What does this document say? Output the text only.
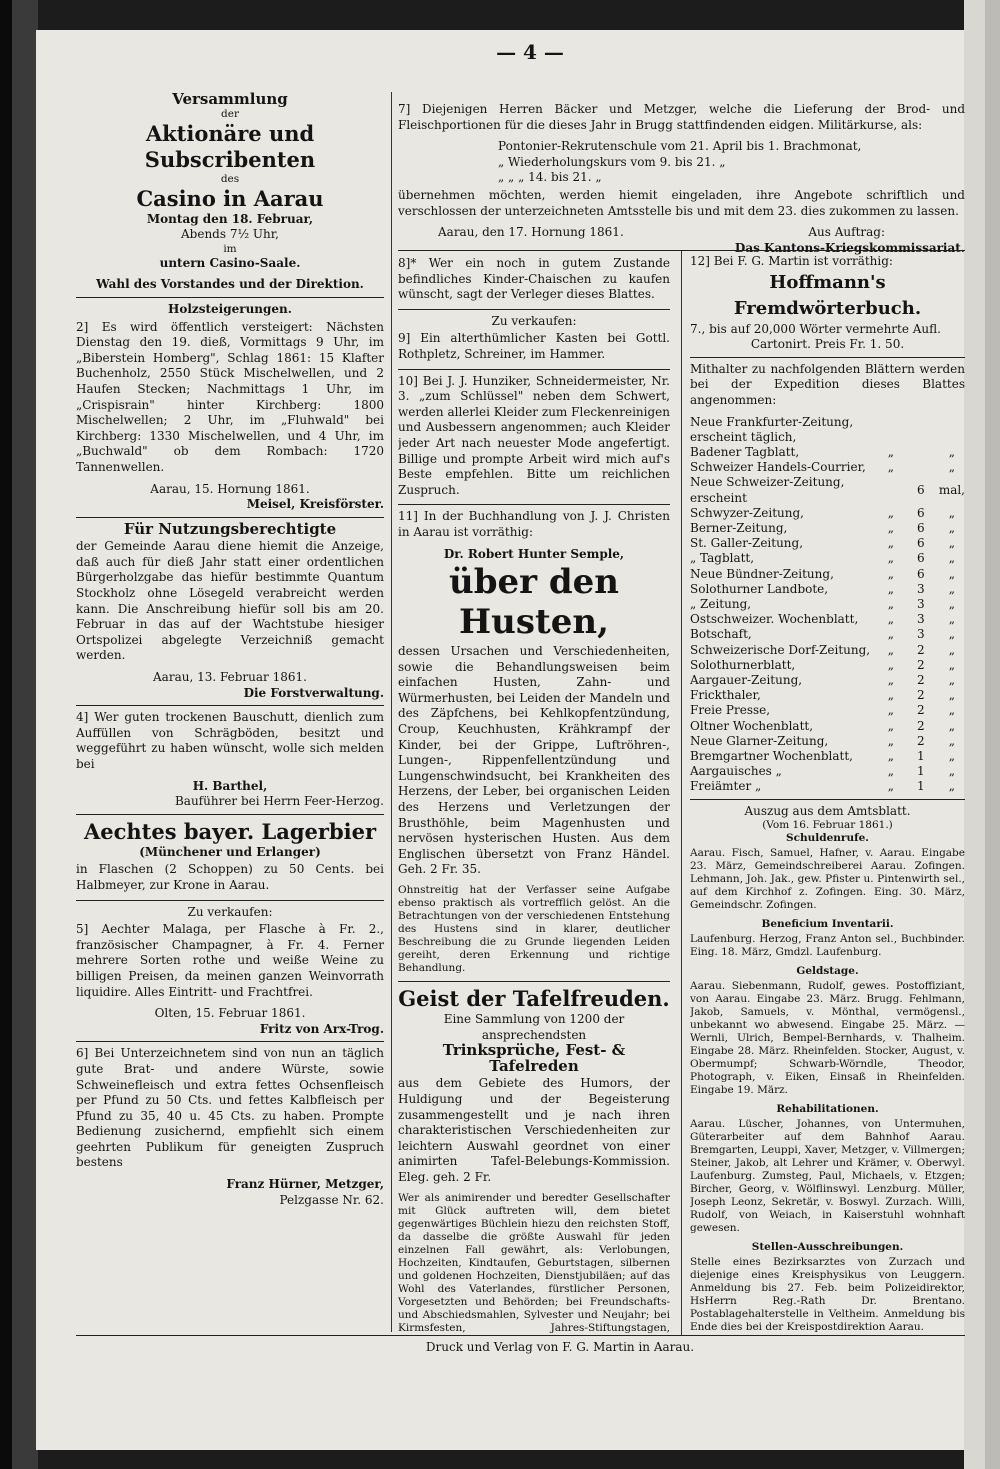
— 4 —
Versammlung
der
Aktionäre und Subscribenten
des
Casino in Aarau
Montag den 18. Februar,
Abends 7½ Uhr,
im
untern Casino-Saale.
Wahl des Vorstandes und der Direktion.
Holzsteigerungen.
2] Es wird öffentlich versteigert: Nächsten Dienstag den 19. dieß, Vormittags 9 Uhr, im „Biberstein Homberg", Schlag 1861: 15 Klafter Buchenholz, 2550 Stück Mischelwellen, und 2 Haufen Stecken; Nachmittags 1 Uhr, im „Crispisrain" hinter Kirchberg: 1800 Mischelwellen; 2 Uhr, im „Fluhwald" bei Kirchberg: 1330 Mischelwellen, und 4 Uhr, im „Buchwald" ob dem Rombach: 1720 Tannenwellen.
Aarau, 15. Hornung 1861.
Meisel, Kreisförster.
Für Nutzungsberechtigte
der Gemeinde Aarau diene hiemit die Anzeige, daß auch für dieß Jahr statt einer ordentlichen Bürgerholzgabe das hiefür bestimmte Quantum Stockholz ohne Lösegeld verabreicht werden kann. Die Anschreibung hiefür soll bis am 20. Februar in das auf der Wachtstube hiesiger Ortspolizei abgelegte Verzeichniß gemacht werden.
Aarau, 13. Februar 1861.
Die Forstverwaltung.
4] Wer guten trockenen Bauschutt, dienlich zum Auffüllen von Schrägböden, besitzt und weggeführt zu haben wünscht, wolle sich melden bei
H. Barthel,
Bauführer bei Herrn Feer-Herzog.
Aechtes bayer. Lagerbier
(Münchener und Erlanger)
in Flaschen (2 Schoppen) zu 50 Cents. bei Halbmeyer, zur Krone in Aarau.
Zu verkaufen:
5] Aechter Malaga, per Flasche à Fr. 2., französischer Champagner, à Fr. 4. Ferner mehrere Sorten rothe und weiße Weine zu billigen Preisen, da meinen ganzen Weinvorrath liquidire. Alles Eintritt- und Frachtfrei.
Olten, 15. Februar 1861.
Fritz von Arx-Trog.
6] Bei Unterzeichnetem sind von nun an täglich gute Brat- und andere Würste, sowie Schweinefleisch und extra fettes Ochsenfleisch per Pfund zu 50 Cts. und fettes Kalbfleisch per Pfund zu 35, 40 u. 45 Cts. zu haben. Prompte Bedienung zusichernd, empfiehlt sich einem geehrten Publikum für geneigten Zuspruch bestens
Franz Hürner, Metzger,
Pelzgasse Nr. 62.
7] Diejenigen Herren Bäcker und Metzger, welche die Lieferung der Brod- und Fleischportionen für die dieses Jahr in Brugg stattfindenden eidgen. Militärkurse, als:
Pontonier-Rekrutenschule vom 21. April bis 1. Brachmonat,
„ Wiederholungskurs vom 9. bis 21. „
„ „ „ 14. bis 21. „
übernehmen möchten, werden hiemit eingeladen, ihre Angebote schriftlich und verschlossen der unterzeichneten Amtsstelle bis und mit dem 23. dies zukommen zu lassen.
Aarau, den 17. Hornung 1861.	Aus Auftrag:
Das Kantons-Kriegskommissariat.
8]* Wer ein noch in gutem Zustande befindliches Kinder-Chaischen zu kaufen wünscht, sagt der Verleger dieses Blattes.
Zu verkaufen:
9] Ein alterthümlicher Kasten bei Gottl. Rothpletz, Schreiner, im Hammer.
10] Bei J. J. Hunziker, Schneidermeister, Nr. 3. „zum Schlüssel" neben dem Schwert, werden allerlei Kleider zum Fleckenreinigen und Ausbessern angenommen; auch Kleider jeder Art nach neuester Mode angefertigt. Billige und prompte Arbeit wird mich auf's Beste empfehlen. Bitte um reichlichen Zuspruch.
11] In der Buchhandlung von J. J. Christen in Aarau ist vorräthig:
Dr. Robert Hunter Semple,
über den Husten,
dessen Ursachen und Verschiedenheiten, sowie die Behandlungsweisen beim einfachen Husten, Zahn- und Würmerhusten, bei Leiden der Mandeln und des Zäpfchens, bei Kehlkopfentzündung, Croup, Keuchhusten, Krähkrampf der Kinder, bei der Grippe, Luftröhren-, Lungen-, Rippenfellentzündung und Lungenschwindsucht, bei Krankheiten des Herzens, der Leber, bei organischen Leiden des Herzens und Verletzungen der Brusthöhle, beim Magenhusten und nervösen hysterischen Husten. Aus dem Englischen übersetzt von Franz Händel. Geh. 2 Fr. 35.
Ohnstreitig hat der Verfasser seine Aufgabe ebenso praktisch als vortrefflich gelöst. An die Betrachtungen von der verschiedenen Entstehung des Hustens sind in klarer, deutlicher Beschreibung die zu Grunde liegenden Leiden gereiht, deren Erkennung und richtige Behandlung.
Geist der Tafelfreuden.
Eine Sammlung von 1200 der
ansprechendsten
Trinksprüche, Fest- & Tafelreden
aus dem Gebiete des Humors, der Huldigung und der Begeisterung zusammengestellt und je nach ihren charakteristischen Verschiedenheiten zur leichtern Auswahl geordnet von einer animirten Tafel-Belebungs-Kommission. Eleg. geh. 2 Fr.
Wer als animirender und beredter Gesellschafter mit Glück auftreten will, dem bietet gegenwärtiges Büchlein hiezu den reichsten Stoff, da dasselbe die größte Auswahl für jeden einzelnen Fall gewährt, als: Verlobungen, Hochzeiten, Kindtaufen, Geburtstagen, silbernen und goldenen Hochzeiten, Dienstjubiläen; auf das Wohl des Vaterlandes, fürstlicher Personen, Vorgesetzten und Behörden; bei Freundschafts- und Abschiedsmahlen, Sylvester und Neujahr; bei Kirmsfesten, Jahres-Stiftungstagen,
12] Bei F. G. Martin ist vorräthig:
Hoffmann's Fremdwörterbuch.
7., bis auf 20,000 Wörter vermehrte Aufl.
Cartonirt. Preis Fr. 1. 50.
Mithalter zu nachfolgenden Blättern werden bei der Expedition dieses Blattes angenommen:
Neue Frankfurter-Zeitung, erscheint täglich,			
Badener Tagblatt,	„		„
Schweizer Handels-Courrier,	„		„
Neue Schweizer-Zeitung, erscheint		6	mal,
Schwyzer-Zeitung,	„	6	„
Berner-Zeitung,	„	6	„
St. Galler-Zeitung,	„	6	„
„ Tagblatt,	„	6	„
Neue Bündner-Zeitung,	„	6	„
Solothurner Landbote,	„	3	„
„ Zeitung,	„	3	„
Ostschweizer. Wochenblatt,	„	3	„
Botschaft,	„	3	„
Schweizerische Dorf-Zeitung,	„	2	„
Solothurnerblatt,	„	2	„
Aargauer-Zeitung,	„	2	„
Frickthaler,	„	2	„
Freie Presse,	„	2	„
Oltner Wochenblatt,	„	2	„
Neue Glarner-Zeitung,	„	2	„
Bremgartner Wochenblatt,	„	1	„
Aargauisches „	„	1	„
Freiämter „	„	1	„
Auszug aus dem Amtsblatt.
(Vom 16. Februar 1861.)
Schuldenrufe.
Aarau. Fisch, Samuel, Hafner, v. Aarau. Eingabe 23. März, Gemeindschreiberei Aarau. Zofingen. Lehmann, Joh. Jak., gew. Pfister u. Pintenwirth sel., auf dem Kirchhof z. Zofingen. Eing. 30. März, Gemeindschr. Zofingen.
Beneficium Inventarii.
Laufenburg. Herzog, Franz Anton sel., Buchbinder. Eing. 18. März, Gmdzl. Laufenburg.
Geldstage.
Aarau. Siebenmann, Rudolf, gewes. Postoffiziant, von Aarau. Eingabe 23. März. Brugg. Fehlmann, Jakob, Samuels, v. Mönthal, vermögensl., unbekannt wo abwesend. Eingabe 25. März. — Wernli, Ulrich, Bempel-Bernhards, v. Thalheim. Eingabe 28. März. Rheinfelden. Stocker, August, v. Obermumpf; Schwarb-Wörndle, Theodor, Photograph, v. Eiken, Einsaß in Rheinfelden. Eingabe 19. März.
Rehabilitationen.
Aarau. Lüscher, Johannes, von Untermuhen, Güterarbeiter auf dem Bahnhof Aarau. Bremgarten, Leuppi, Xaver, Metzger, v. Villmergen; Steiner, Jakob, alt Lehrer und Krämer, v. Oberwyl. Laufenburg. Zumsteg, Paul, Michaels, v. Etzgen; Bircher, Georg, v. Wölflinswyl. Lenzburg. Müller, Joseph Leonz, Sekretär, v. Boswyl. Zurzach. Willi, Rudolf, von Weiach, in Kaiserstuhl wohnhaft gewesen.
Stellen-Ausschreibungen.
Stelle eines Bezirksarztes von Zurzach und diejenige eines Kreisphysikus von Leuggern. Anmeldung bis 27. Feb. beim Polizeidirektor, HsHerrn Reg.-Rath Dr. Brentano. Postablagehalterstelle in Veltheim. Anmeldung bis Ende dies bei der Kreispostdirektion Aarau.
Druck und Verlag von F. G. Martin in Aarau.
